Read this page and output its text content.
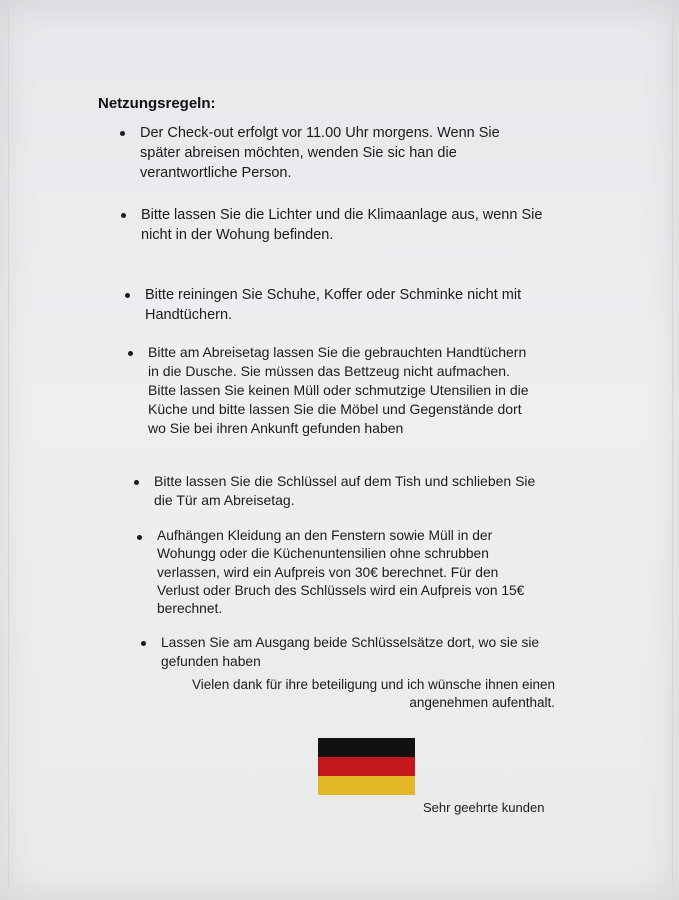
Netzungsregeln:
Der Check-out erfolgt vor 11.00 Uhr morgens. Wenn Sie
später abreisen möchten, wenden Sie sic han die
verantwortliche Person.
Bitte lassen Sie die Lichter und die Klimaanlage aus, wenn Sie
nicht in der Wohung befinden.
Bitte reiningen Sie Schuhe, Koffer oder Schminke nicht mit
Handtüchern.
Bitte am Abreisetag lassen Sie die gebrauchten Handtüchern
in die Dusche. Sie müssen das Bettzeug nicht aufmachen.
Bitte lassen Sie keinen Müll oder schmutzige Utensilien in die
Küche und bitte lassen Sie die Möbel und Gegenstände dort
wo Sie bei ihren Ankunft gefunden haben
Bitte lassen Sie die Schlüssel auf dem Tish und schlieben Sie
die Tür am Abreisetag.
Aufhängen Kleidung an den Fenstern sowie Müll in der
Wohungg oder die Küchenuntensilien ohne schrubben
verlassen, wird ein Aufpreis von 30€ berechnet. Für den
Verlust oder Bruch des Schlüssels wird ein Aufpreis von 15€
berechnet.
Lassen Sie am Ausgang beide Schlüsselsätze dort, wo sie sie
gefunden haben
Vielen dank für ihre beteiligung und ich wünsche ihnen einen
angenehmen aufenthalt.
Sehr geehrte kunden
